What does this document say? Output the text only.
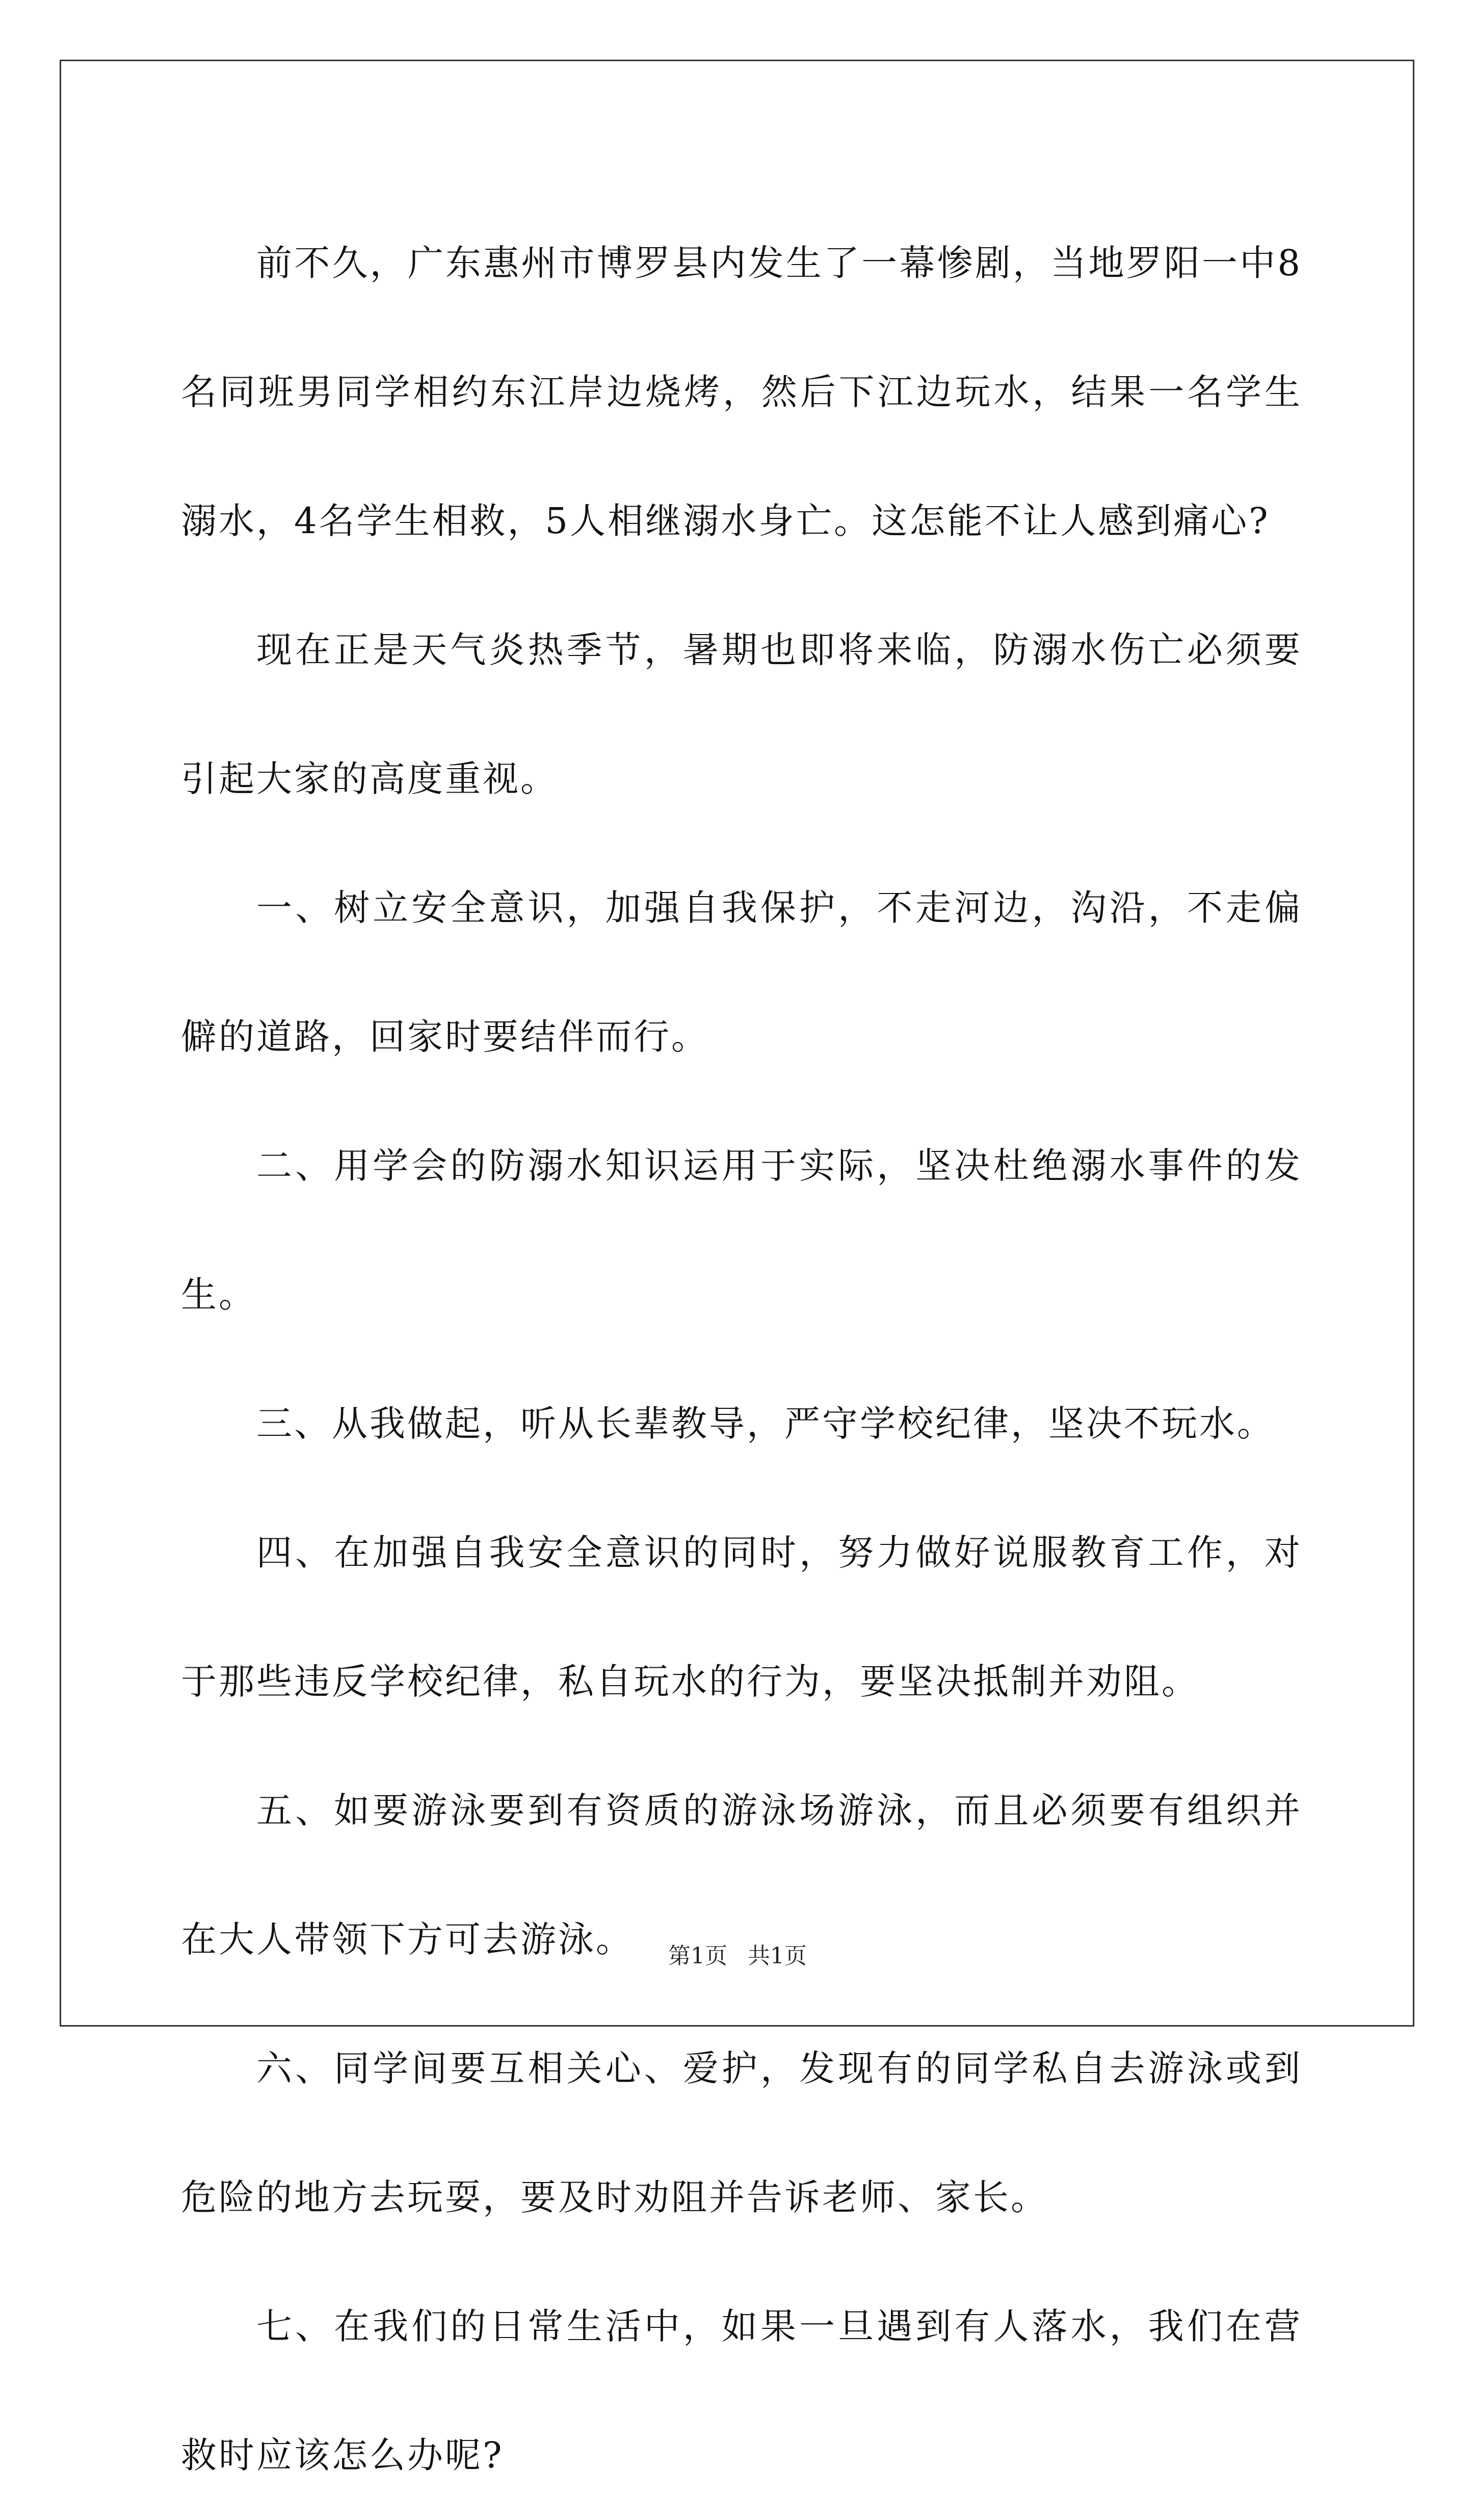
前不久，广东惠州市博罗县内发生了一幕惨剧，当地罗阳一中8名同班男同学相约东江岸边烧烤，然后下江边玩水，结果一名学生溺水，4名学生相救，5人相继溺水身亡。这怎能不让人感到痛心?

现在正是天气炎热季节，暑期也即将来临，防溺水伤亡必须要引起大家的高度重视。

一、树立安全意识，加强自我保护，不走河边，沟沿，不走偏僻的道路，回家时要结伴而行。

二、用学会的防溺水知识运用于实际，坚决杜绝溺水事件的发生。

三、从我做起，听从长辈教导，严守学校纪律，坚决不玩水。

四、在加强自我安全意识的同时，努力做好说服教育工作，对于那些违反学校纪律，私自玩水的行为，要坚决抵制并劝阻。

五、如要游泳要到有资质的游泳场游泳，而且必须要有组织并在大人带领下方可去游泳。

六、同学间要互相关心、爱护，发现有的同学私自去游泳或到危险的地方去玩耍，要及时劝阻并告诉老师、家长。

七、在我们的日常生活中，如果一旦遇到有人落水，我们在营救时应该怎么办呢?

第1页 共1页
